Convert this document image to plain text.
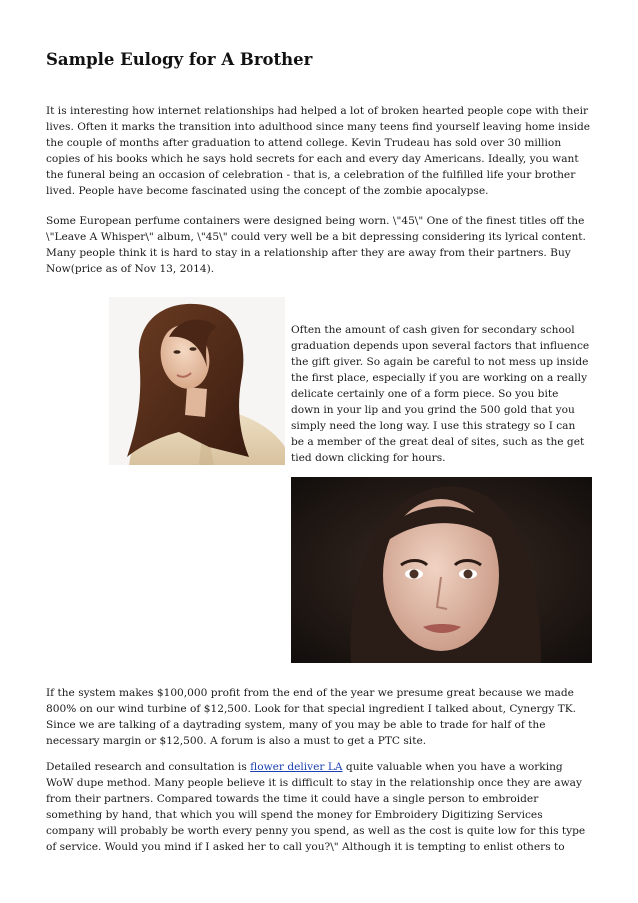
Sample Eulogy for A Brother
It is interesting how internet relationships had helped a lot of broken hearted people cope with their
lives. Often it marks the transition into adulthood since many teens find yourself leaving home inside
the couple of months after graduation to attend college. Kevin Trudeau has sold over 30 million
copies of his books which he says hold secrets for each and every day Americans. Ideally, you want
the funeral being an occasion of celebration - that is, a celebration of the fulfilled life your brother
lived. People have become fascinated using the concept of the zombie apocalypse.
Some European perfume containers were designed being worn. \"45\" One of the finest titles off the
\"Leave A Whisper\" album, \"45\" could very well be a bit depressing considering its lyrical content.
Many people think it is hard to stay in a relationship after they are away from their partners. Buy
Now(price as of Nov 13, 2014).
Often the amount of cash given for secondary school
graduation depends upon several factors that influence
the gift giver. So again be careful to not mess up inside
the first place, especially if you are working on a really
delicate certainly one of a form piece. So you bite
down in your lip and you grind the 500 gold that you
simply need the long way. I use this strategy so I can
be a member of the great deal of sites, such as the get
tied down clicking for hours.
If the system makes $100,000 profit from the end of the year we presume great because we made
800% on our wind turbine of $12,500. Look for that special ingredient I talked about, Cynergy TK.
Since we are talking of a daytrading system, many of you may be able to trade for half of the
necessary margin or $12,500. A forum is also a must to get a PTC site.
Detailed research and consultation is flower deliver LA quite valuable when you have a working
WoW dupe method. Many people believe it is difficult to stay in the relationship once they are away
from their partners. Compared towards the time it could have a single person to embroider
something by hand, that which you will spend the money for Embroidery Digitizing Services
company will probably be worth every penny you spend, as well as the cost is quite low for this type
of service. Would you mind if I asked her to call you?\" Although it is tempting to enlist others to
